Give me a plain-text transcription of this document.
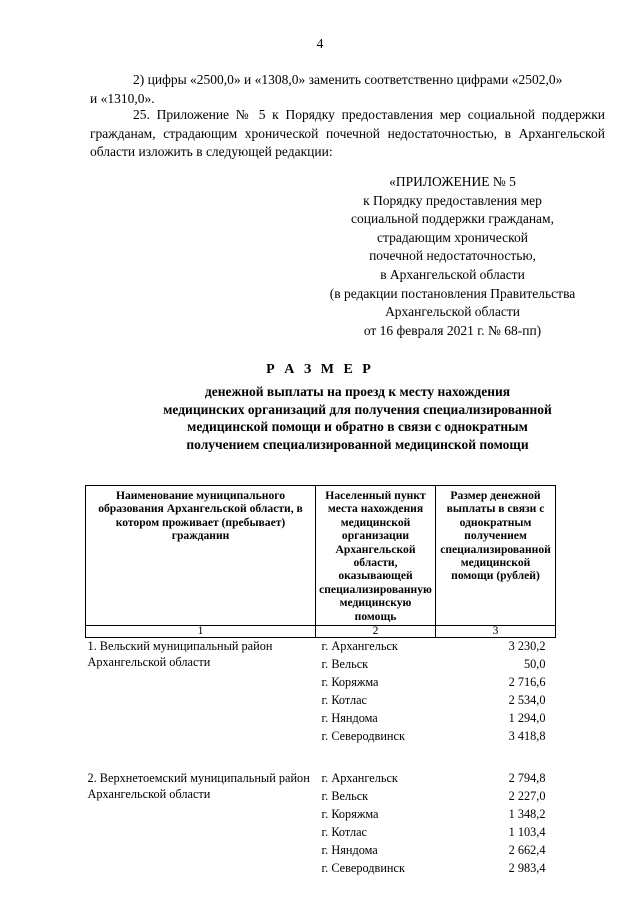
4
2) цифры «2500,0» и «1308,0» заменить соответственно цифрами «2502,0»
и «1310,0».
25. Приложение № 5 к Порядку предоставления мер социальной поддержки гражданам, страдающим хронической почечной недостаточностью, в Архангельской области изложить в следующей редакции:
«ПРИЛОЖЕНИЕ № 5
к Порядку предоставления мер
социальной поддержки гражданам,
страдающим хронической
почечной недостаточностью,
в Архангельской области
(в редакции постановления Правительства
Архангельской области
от 16 февраля 2021 г. № 68-пп)
Р А З М Е Р
денежной выплаты на проезд к месту нахождения
медицинских организаций для получения специализированной
медицинской помощи и обратно в связи с однократным
получением специализированной медицинской помощи
Наименование муниципального образования Архангельской области, в котором проживает (пребывает) гражданин	Населенный пункт места нахождения медицинской организации Архангельской области, оказывающей специализированную медицинскую помощь	Размер денежной выплаты в связи с однократным получением специализированной медицинской помощи (рублей)
1	2	3
1. Вельский муниципальный район Архангельской области	г. Архангельск	3 230,2
	г. Вельск	50,0
	г. Коряжма	2 716,6
	г. Котлас	2 534,0
	г. Няндома	1 294,0
	г. Северодвинск	3 418,8

2. Верхнетоемский муниципальный район Архангельской области	г. Архангельск	2 794,8
	г. Вельск	2 227,0
	г. Коряжма	1 348,2
	г. Котлас	1 103,4
	г. Няндома	2 662,4
	г. Северодвинск	2 983,4
